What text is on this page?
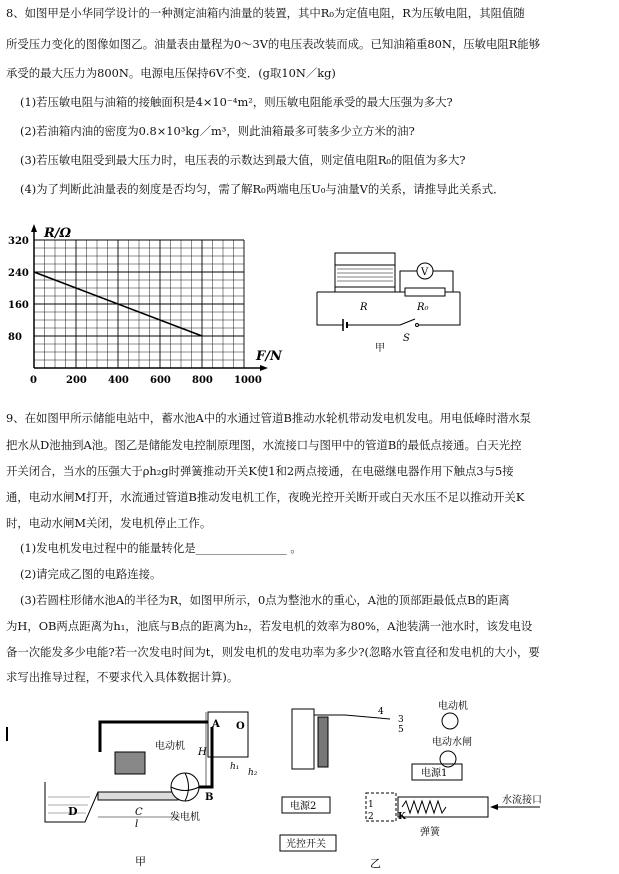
8、如图甲是小华同学设计的一种测定油箱内油量的装置，其中R₀为定值电阻，R为压敏电阻，其阻值随
所受压力变化的图像如图乙。油量表由量程为0～3V的电压表改装而成。已知油箱重80N，压敏电阻R能够
承受的最大压力为800N。电源电压保持6V不变．(g取10N／kg)
(1)若压敏电阻与油箱的接触面积是4×10⁻⁴m²，则压敏电阻能承受的最大压强为多大?
(2)若油箱内油的密度为0.8×10³kg／m³，则此油箱最多可装多少立方米的油?
(3)若压敏电阻受到最大压力时，电压表的示数达到最大值，则定值电阻R₀的阻值为多大?
(4)为了判断此油量表的刻度是否均匀，需了解R₀两端电压U₀与油量V的关系，请推导此关系式．
R/Ω
F/N
320
240
160
80
0	200 400 600 800 1000
V
R	R₀
S
甲
9、在如图甲所示储能电站中，蓄水池A中的水通过管道B推动水轮机带动发电机发电。用电低峰时潜水泵
把水从D池抽到A池。图乙是储能发电控制原理图，水流接口与图甲中的管道B的最低点接通。白天光控
开关闭合，当水的压强大于ρh₂g时弹簧推动开关K使1和2两点接通，在电磁继电器作用下触点3与5接
通，电动水闸M打开，水流通过管道B推动发电机工作，夜晚光控开关断开或白天水压不足以推动开关K
时，电动水闸M关闭，发电机停止工作。
(1)发电机发电过程中的能量转化是________________ 。
(2)请完成乙图的电路连接。
(3)若圆柱形储水池A的半径为R，如图甲所示，0点为整池水的重心，A池的顶部距最低点B的距离
为H，OB两点距离为h₁，池底与B点的距离为h₂，若发电机的效率为80%，A池装满一池水时，该发电设
备一次能发多少电能?若一次发电时间为t，则发电机的发电功率为多少?(忽略水管直径和发电机的大小，要
求写出推导过程，不要求代入具体数据计算)。
D	C
l
电动机
发电机
B
A O
H
h₁
h₂
甲
4
3
5
电动机
电动水闸
电源1
电源2
光控开关
1
2	K
弹簧
水流接口
乙
